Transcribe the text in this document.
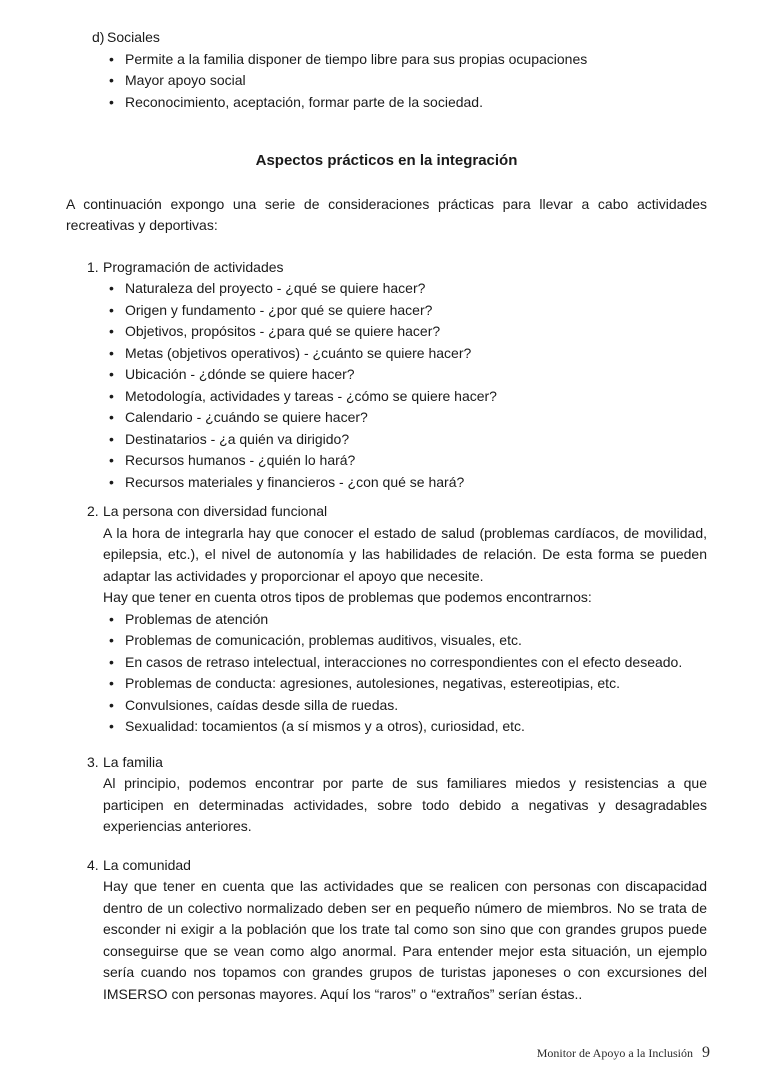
d) Sociales
• Permite a la familia disponer de tiempo libre para sus propias ocupaciones
• Mayor apoyo social
• Reconocimiento, aceptación, formar parte de la sociedad.
Aspectos prácticos en la integración
A continuación expongo una serie de consideraciones prácticas para llevar a cabo actividades recreativas y deportivas:
1. Programación de actividades
• Naturaleza del proyecto - ¿qué se quiere hacer?
• Origen y fundamento - ¿por qué se quiere hacer?
• Objetivos, propósitos - ¿para qué se quiere hacer?
• Metas (objetivos operativos) - ¿cuánto se quiere hacer?
• Ubicación - ¿dónde se quiere hacer?
• Metodología, actividades y tareas - ¿cómo se quiere hacer?
• Calendario - ¿cuándo se quiere hacer?
• Destinatarios - ¿a quién va dirigido?
• Recursos humanos - ¿quién lo hará?
• Recursos materiales y financieros - ¿con qué se hará?
2. La persona con diversidad funcional
A la hora de integrarla hay que conocer el estado de salud (problemas cardíacos, de movilidad, epilepsia, etc.), el nivel de autonomía y las habilidades de relación. De esta forma se pueden adaptar las actividades y proporcionar el apoyo que necesite.
Hay que tener en cuenta otros tipos de problemas que podemos encontrarnos:
• Problemas de atención
• Problemas de comunicación, problemas auditivos, visuales, etc.
• En casos de retraso intelectual, interacciones no correspondientes con el efecto deseado.
• Problemas de conducta: agresiones, autolesiones, negativas, estereotipias, etc.
• Convulsiones, caídas desde silla de ruedas.
• Sexualidad: tocamientos (a sí mismos y a otros), curiosidad, etc.
3. La familia
Al principio, podemos encontrar por parte de sus familiares miedos y resistencias a que participen en determinadas actividades, sobre todo debido a negativas y desagradables experiencias anteriores.
4. La comunidad
Hay que tener en cuenta que las actividades que se realicen con personas con discapacidad dentro de un colectivo normalizado deben ser en pequeño número de miembros. No se trata de esconder ni exigir a la población que los trate tal como son sino que con grandes grupos puede conseguirse que se vean como algo anormal. Para entender mejor esta situación, un ejemplo sería cuando nos topamos con grandes grupos de turistas japoneses o con excursiones del IMSERSO con personas mayores. Aquí los “raros” o “extraños” serían éstas..
Monitor de Apoyo a la Inclusión 9
